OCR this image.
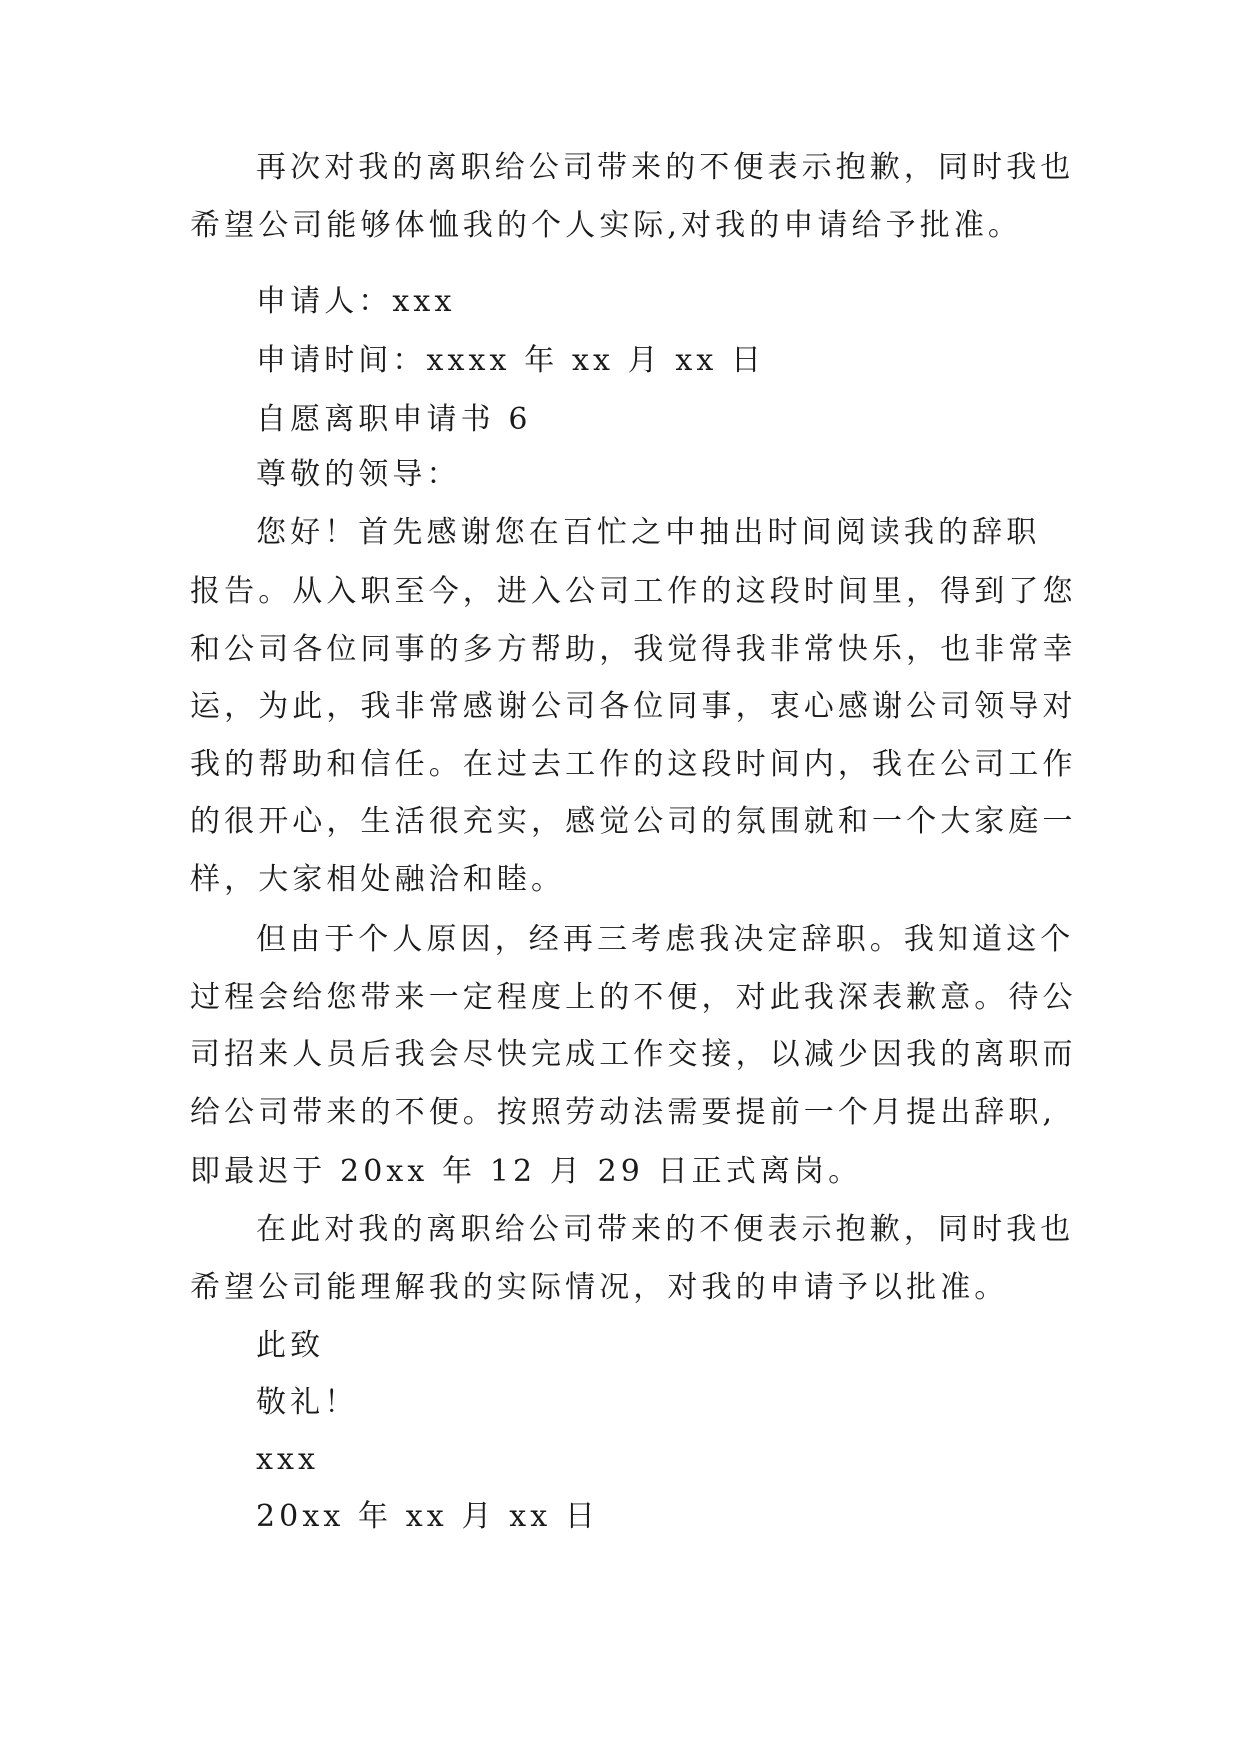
再次对我的离职给公司带来的不便表示抱歉，同时我也

希望公司能够体恤我的个人实际,对我的申请给予批准。

申请人：xxx

申请时间：xxxx 年 xx 月 xx 日

自愿离职申请书 6

尊敬的领导：

您好！首先感谢您在百忙之中抽出时间阅读我的辞职

报告。从入职至今，进入公司工作的这段时间里，得到了您

和公司各位同事的多方帮助，我觉得我非常快乐，也非常幸

运，为此，我非常感谢公司各位同事，衷心感谢公司领导对

我的帮助和信任。在过去工作的这段时间内，我在公司工作

的很开心，生活很充实，感觉公司的氛围就和一个大家庭一

样，大家相处融洽和睦。

但由于个人原因，经再三考虑我决定辞职。我知道这个

过程会给您带来一定程度上的不便，对此我深表歉意。待公

司招来人员后我会尽快完成工作交接，以减少因我的离职而

给公司带来的不便。按照劳动法需要提前一个月提出辞职,

即最迟于 20xx 年 12 月 29 日正式离岗。

在此对我的离职给公司带来的不便表示抱歉，同时我也

希望公司能理解我的实际情况，对我的申请予以批准。

此致

敬礼！

xxx

20xx 年 xx 月 xx 日
